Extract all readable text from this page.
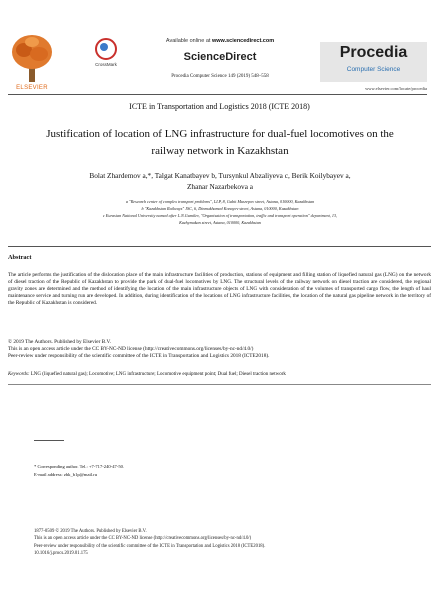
ELSEVIER
CrossMark
Available online at www.sciencedirect.com
ScienceDirect
Procedia Computer Science 149 (2019) 548–558
Procedia
Computer Science
www.elsevier.com/locate/procedia
ICTE in Transportation and Logistics 2018 (ICTE 2018)
Justification of location of LNG infrastructure for dual-fuel locomotives on the railway network in Kazakhstan
Bolat Zhardemov a,*, Talgat Kanatbayev b, Tursynkul Abzaliyeva c, Berik Koilybayev a,
Zhanar Nazarbekova a
a "Research center of complex transport problems", LLP, 8, Gabit Musrepov street, Astana, 010000, Kazakhstan
b "Kazakhstan Railways" JSC, 6, Dinmukhamed Konayev street, Astana, 010000, Kazakhstan
c Eurasian National University named after L.N.Gumilev, "Organisation of transportation, traffic and transport operation" department, 13,
Kazhymukan street, Astana, 010000, Kazakhstan
Abstract
The article performs the justification of the dislocation place of the main infrastructure facilities of production, stations of equipment and filling station of liquefied natural gas (LNG) on the network of diesel traction of the Republic of Kazakhstan to provide the park of dual-fuel locomotives by LNG. The structural levels of the railway network on diesel traction are considered, the regional gravity zones are determined and the method of identifying the location of the main infrastructure objects of LNG with consideration of the volumes of transported cargo flow, the length of haul maintenance service and turning run are developed. In addition, during identification of the locations of LNG infrastructure facilities, the location of the natural gas pipeline network in the territory of the Republic of Kazakhstan is considered.
© 2019 The Authors. Published by Elsevier B.V.
This is an open access article under the CC BY-NC-ND license (http://creativecommons.org/licenses/by-nc-nd/4.0/)
Peer-review under responsibility of the scientific committee of the ICTE in Transportation and Logistics 2018 (ICTE2018).
Keywords: LNG (liquefied natural gas); Locomotive; LNG infrastructure; Locomotive equipment point; Dual fuel; Diesel traction network
* Corresponding author. Tel.: +7-717-240-47-50.
E-mail address: zbk_b1p@mail.ru
1877-0509 © 2019 The Authors. Published by Elsevier B.V.
This is an open access article under the CC BY-NC-ND license (http://creativecommons.org/licenses/by-nc-nd/4.0/)
Peer-review under responsibility of the scientific committee of the ICTE in Transportation and Logistics 2018 (ICTE2018).
10.1016/j.procs.2019.01.175
